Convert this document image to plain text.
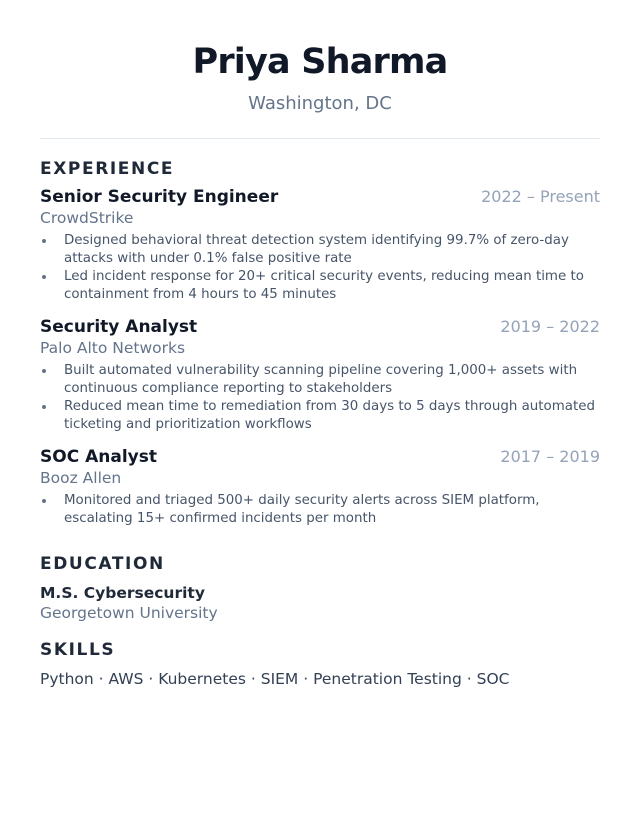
Priya Sharma
Washington, DC
EXPERIENCE
Senior Security Engineer	2022 – Present
CrowdStrike
Designed behavioral threat detection system identifying 99.7% of zero-day attacks with under 0.1% false positive rate
Led incident response for 20+ critical security events, reducing mean time to containment from 4 hours to 45 minutes
Security Analyst	2019 – 2022
Palo Alto Networks
Built automated vulnerability scanning pipeline covering 1,000+ assets with continuous compliance reporting to stakeholders
Reduced mean time to remediation from 30 days to 5 days through automated ticketing and prioritization workflows
SOC Analyst	2017 – 2019
Booz Allen
Monitored and triaged 500+ daily security alerts across SIEM platform, escalating 15+ confirmed incidents per month
EDUCATION
M.S. Cybersecurity
Georgetown University
SKILLS
Python · AWS · Kubernetes · SIEM · Penetration Testing · SOC
